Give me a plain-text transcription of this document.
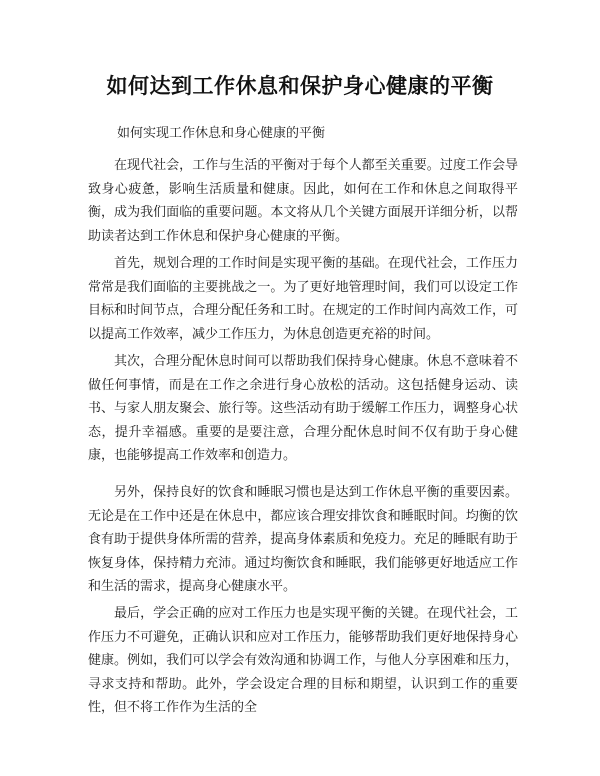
如何达到工作休息和保护身心健康的平衡

如何实现工作休息和身心健康的平衡

在现代社会，工作与生活的平衡对于每个人都至关重要。过度工作会导致身心疲惫，影响生活质量和健康。因此，如何在工作和休息之间取得平衡，成为我们面临的重要问题。本文将从几个关键方面展开详细分析，以帮助读者达到工作休息和保护身心健康的平衡。

首先，规划合理的工作时间是实现平衡的基础。在现代社会，工作压力常常是我们面临的主要挑战之一。为了更好地管理时间，我们可以设定工作目标和时间节点，合理分配任务和工时。在规定的工作时间内高效工作，可以提高工作效率，减少工作压力，为休息创造更充裕的时间。

其次，合理分配休息时间可以帮助我们保持身心健康。休息不意味着不做任何事情，而是在工作之余进行身心放松的活动。这包括健身运动、读书、与家人朋友聚会、旅行等。这些活动有助于缓解工作压力，调整身心状态，提升幸福感。重要的是要注意，合理分配休息时间不仅有助于身心健康，也能够提高工作效率和创造力。

另外，保持良好的饮食和睡眠习惯也是达到工作休息平衡的重要因素。无论是在工作中还是在休息中，都应该合理安排饮食和睡眠时间。均衡的饮食有助于提供身体所需的营养，提高身体素质和免疫力。充足的睡眠有助于恢复身体，保持精力充沛。通过均衡饮食和睡眠，我们能够更好地适应工作和生活的需求，提高身心健康水平。

最后，学会正确的应对工作压力也是实现平衡的关键。在现代社会，工作压力不可避免，正确认识和应对工作压力，能够帮助我们更好地保持身心健康。例如，我们可以学会有效沟通和协调工作，与他人分享困难和压力，寻求支持和帮助。此外，学会设定合理的目标和期望，认识到工作的重要性，但不将工作作为生活的全
